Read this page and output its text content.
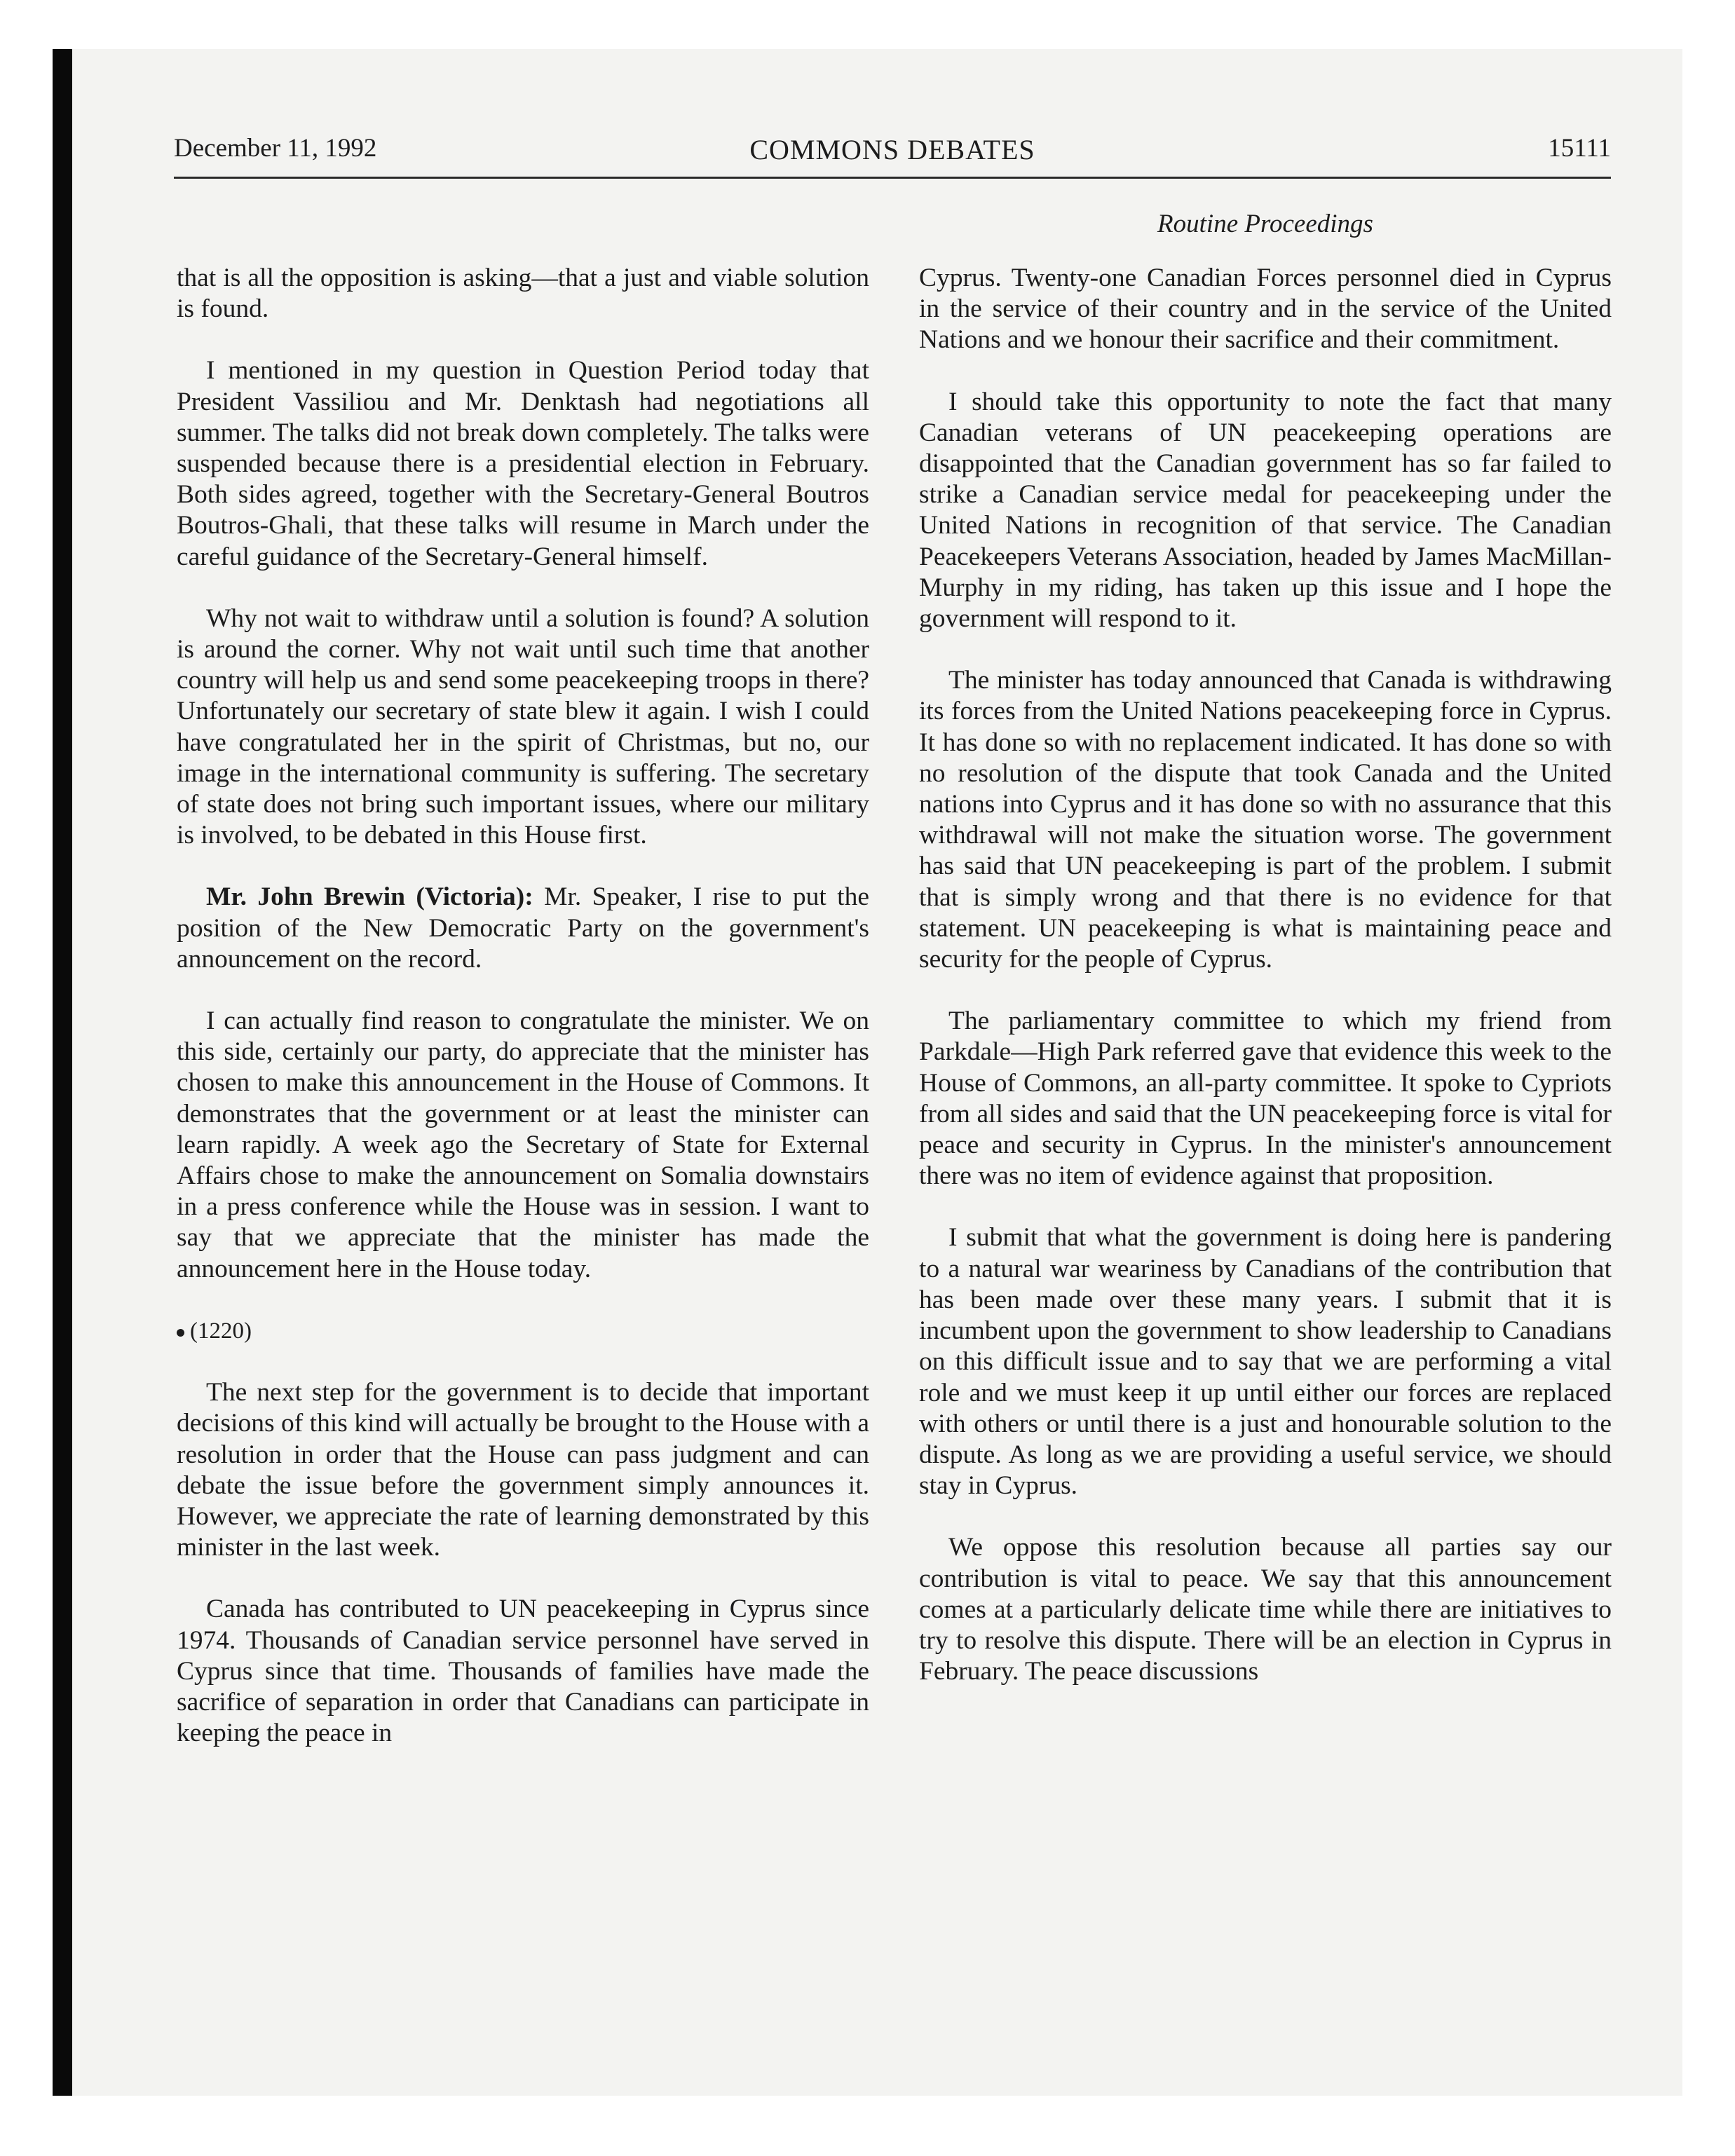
December 11, 1992	COMMONS DEBATES	15111
Routine Proceedings

that is all the opposition is asking—that a just and viable solution is found.

I mentioned in my question in Question Period today that President Vassiliou and Mr. Denktash had negotiations all summer. The talks did not break down completely. The talks were suspended because there is a presidential election in February. Both sides agreed, together with the Secretary-General Boutros Boutros-Ghali, that these talks will resume in March under the careful guidance of the Secretary-General himself.

Why not wait to withdraw until a solution is found? A solution is around the corner. Why not wait until such time that another country will help us and send some peacekeeping troops in there? Unfortunately our secretary of state blew it again. I wish I could have congratulated her in the spirit of Christmas, but no, our image in the international community is suffering. The secretary of state does not bring such important issues, where our military is involved, to be debated in this House first.

Mr. John Brewin (Victoria): Mr. Speaker, I rise to put the position of the New Democratic Party on the government's announcement on the record.

I can actually find reason to congratulate the minister. We on this side, certainly our party, do appreciate that the minister has chosen to make this announcement in the House of Commons. It demonstrates that the government or at least the minister can learn rapidly. A week ago the Secretary of State for External Affairs chose to make the announcement on Somalia downstairs in a press conference while the House was in session. I want to say that we appreciate that the minister has made the announcement here in the House today.

(1220)

The next step for the government is to decide that important decisions of this kind will actually be brought to the House with a resolution in order that the House can pass judgment and can debate the issue before the government simply announces it. However, we appreciate the rate of learning demonstrated by this minister in the last week.

Canada has contributed to UN peacekeeping in Cyprus since 1974. Thousands of Canadian service personnel have served in Cyprus since that time. Thousands of families have made the sacrifice of separation in order that Canadians can participate in keeping the peace in

Cyprus. Twenty-one Canadian Forces personnel died in Cyprus in the service of their country and in the service of the United Nations and we honour their sacrifice and their commitment.

I should take this opportunity to note the fact that many Canadian veterans of UN peacekeeping operations are disappointed that the Canadian government has so far failed to strike a Canadian service medal for peacekeeping under the United Nations in recognition of that service. The Canadian Peacekeepers Veterans Association, headed by James MacMillan-Murphy in my riding, has taken up this issue and I hope the government will respond to it.

The minister has today announced that Canada is withdrawing its forces from the United Nations peacekeeping force in Cyprus. It has done so with no replacement indicated. It has done so with no resolution of the dispute that took Canada and the United nations into Cyprus and it has done so with no assurance that this withdrawal will not make the situation worse. The government has said that UN peacekeeping is part of the problem. I submit that is simply wrong and that there is no evidence for that statement. UN peacekeeping is what is maintaining peace and security for the people of Cyprus.

The parliamentary committee to which my friend from Parkdale—High Park referred gave that evidence this week to the House of Commons, an all-party committee. It spoke to Cypriots from all sides and said that the UN peacekeeping force is vital for peace and security in Cyprus. In the minister's announcement there was no item of evidence against that proposition.

I submit that what the government is doing here is pandering to a natural war weariness by Canadians of the contribution that has been made over these many years. I submit that it is incumbent upon the government to show leadership to Canadians on this difficult issue and to say that we are performing a vital role and we must keep it up until either our forces are replaced with others or until there is a just and honourable solution to the dispute. As long as we are providing a useful service, we should stay in Cyprus.

We oppose this resolution because all parties say our contribution is vital to peace. We say that this announcement comes at a particularly delicate time while there are initiatives to try to resolve this dispute. There will be an election in Cyprus in February. The peace discussions
